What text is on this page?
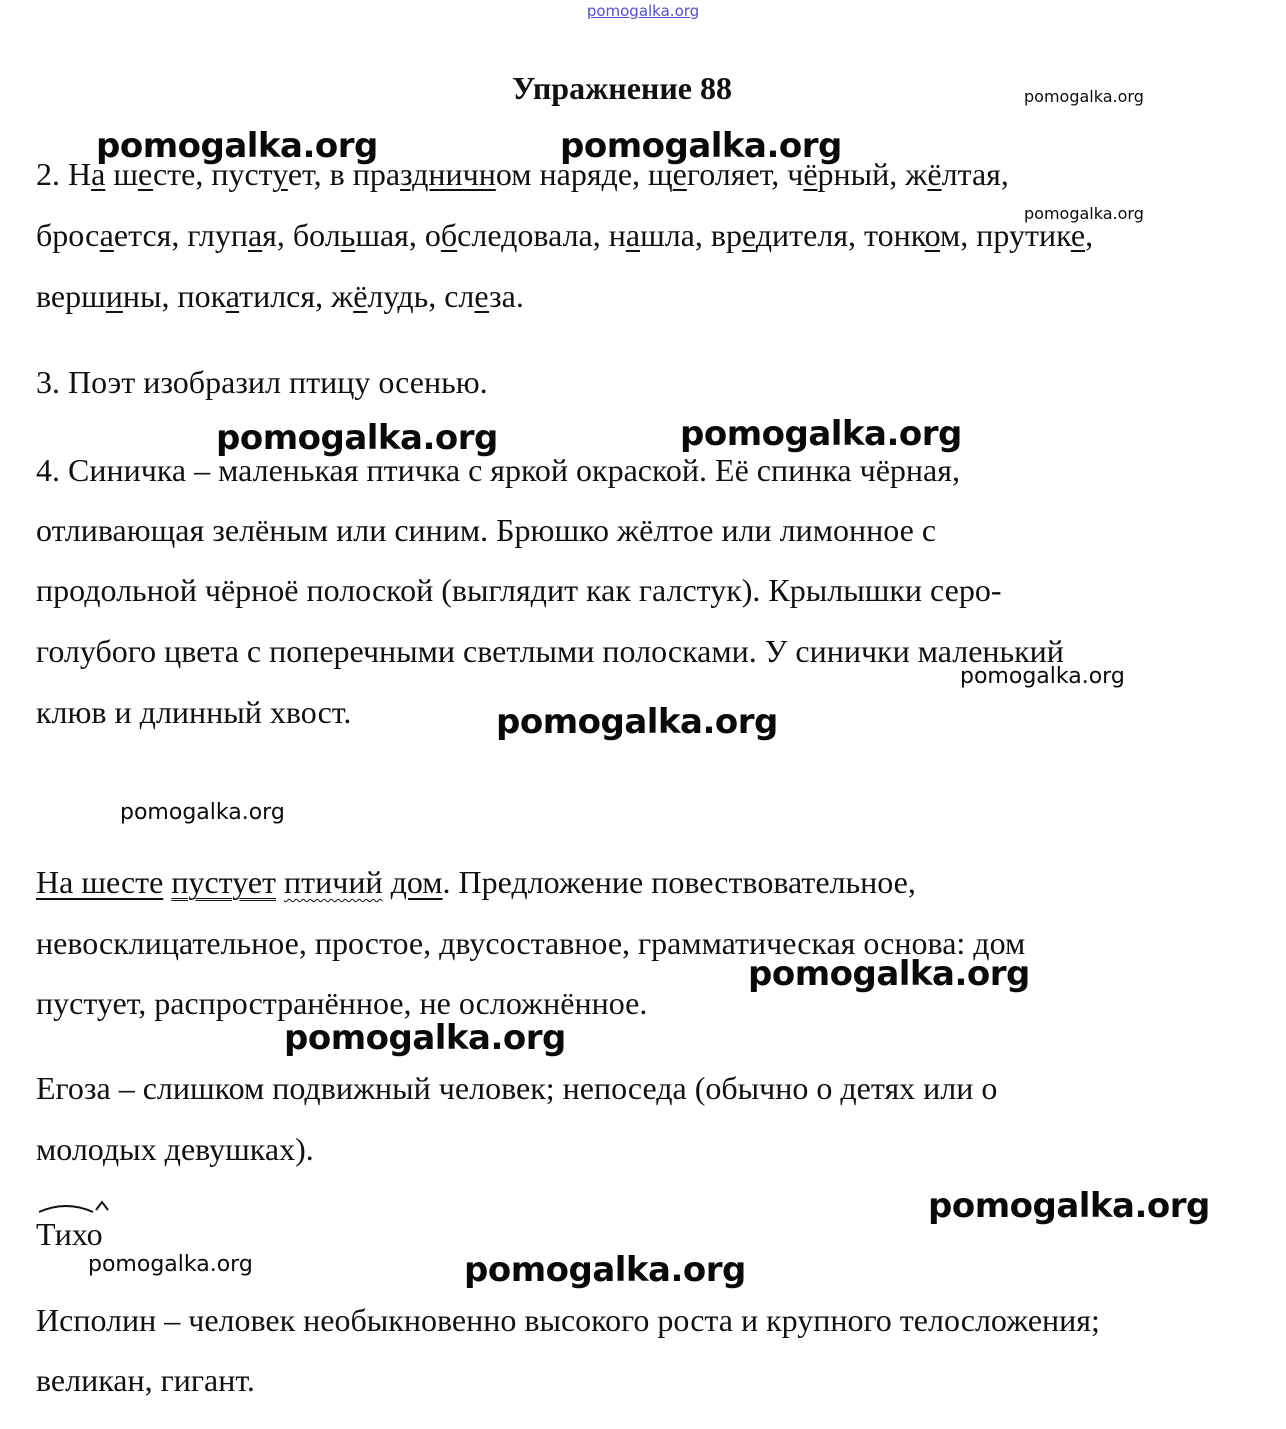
pomogalka.org
Упражнение 88

2. На шесте, пустует, в праздничном наряде, щеголяет, чёрный, жёлтая,

бросается, глупая, большая, обследовала, нашла, вредителя, тонком, прутике,

вершины, покатился, жёлудь, слеза.

3. Поэт изобразил птицу осенью.

4. Синичка – маленькая птичка с яркой окраской. Её спинка чёрная,

отливающая зелёным или синим. Брюшко жёлтое или лимонное с

продольной чёрноё полоской (выглядит как галстук). Крылышки серо-

голубого цвета с поперечными светлыми полосками. У синички маленький

клюв и длинный хвост.

На шесте пустует птичий дом. Предложение повествовательное,

невосклицательное, простое, двусоставное, грамматическая основа: дом

пустует, распространённое, не осложнённое.

Егоза – слишком подвижный человек; непоседа (обычно о детях или о

молодых девушках).

Тихо

Исполин – человек необыкновенно высокого роста и крупного телосложения;

великан, гигант.

pomogalka.org
pomogalka.org	pomogalka.org
pomogalka.org
pomogalka.org	pomogalka.org
pomogalka.org
pomogalka.org
pomogalka.org
pomogalka.org
pomogalka.org
pomogalka.org
pomogalka.org	pomogalka.org
